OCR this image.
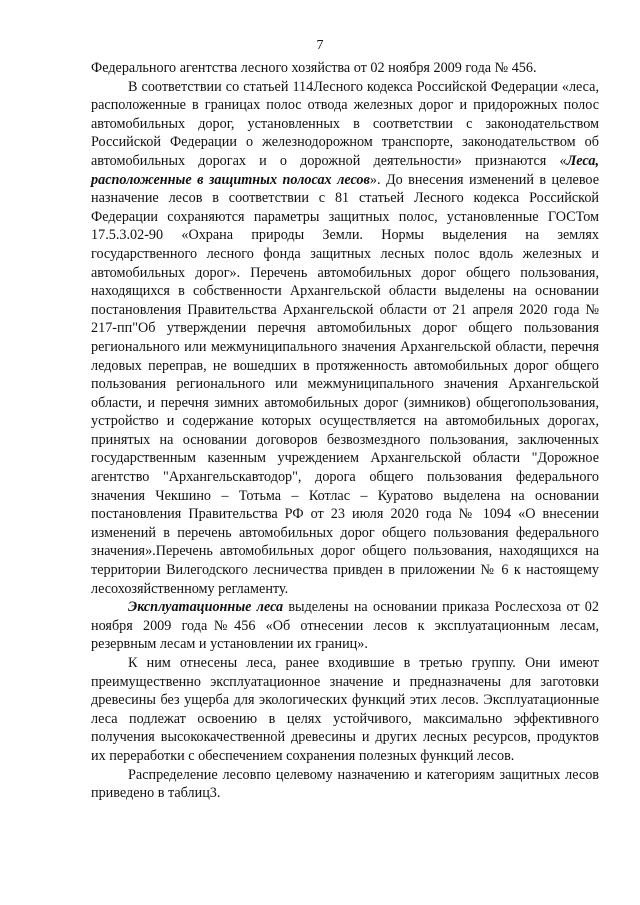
7

Федерального агентства лесного хозяйства от 02 ноября 2009 года № 456.

В соответствии со статьей 114Лесного кодекса Российской Федерации «леса, расположенные в границах полос отвода железных дорог и придорожных полос автомобильных дорог, установленных в соответствии с законодательством Российской Федерации о железнодорожном транспорте, законодательством об автомобильных дорогах и о дорожной деятельности» признаются «Леса, расположенные в защитных полосах лесов». До внесения изменений в целевое назначение лесов в соответствии с 81 статьей Лесного кодекса Российской Федерации сохраняются параметры защитных полос, установленные ГОСТом 17.5.3.02-90 «Охрана природы Земли. Нормы выделения на землях государственного лесного фонда защитных лесных полос вдоль железных и автомобильных дорог». Перечень автомобильных дорог общего пользования, находящихся в собственности Архангельской области выделены на основании постановления Правительства Архангельской области от 21 апреля 2020 года № 217-пп"Об утверждении перечня автомобильных дорог общего пользования регионального или межмуниципального значения Архангельской области, перечня ледовых переправ, не вошедших в протяженность автомобильных дорог общего пользования регионального или межмуниципального значения Архангельской области, и перечня зимних автомобильных дорог (зимников) общегопользования, устройство и содержание которых осуществляется на автомобильных дорогах, принятых на основании договоров безвозмездного пользования, заключенных государственным казенным учреждением Архангельской области "Дорожное агентство "Архангельскавтодор", дорога общего пользования федерального значения Чекшино – Тотьма – Котлас – Куратово выделена на основании постановления Правительства РФ от 23 июля 2020 года № 1094 «О внесении изменений в перечень автомобильных дорог общего пользования федерального значения».Перечень автомобильных дорог общего пользования, находящихся на территории Вилегодского лесничества привден в приложении № 6 к настоящему лесохозяйственному регламенту.

Эксплуатационные леса выделены на основании приказа Рослесхоза от 02 ноября 2009 года№456 «Об отнесении лесов к эксплуатационным лесам, резервным лесам и установлении их границ».

К ним отнесены леса, ранее входившие в третью группу. Они имеют преимущественно эксплуатационное значение и предназначены для заготовки древесины без ущерба для экологических функций этих лесов. Эксплуатационные леса подлежат освоению в целях устойчивого, максимально эффективного получения высококачественной древесины и других лесных ресурсов, продуктов их переработки с обеспечением сохранения полезных функций лесов.

Распределение лесовпо целевому назначению и категориям защитных лесов приведено в таблиц3.
